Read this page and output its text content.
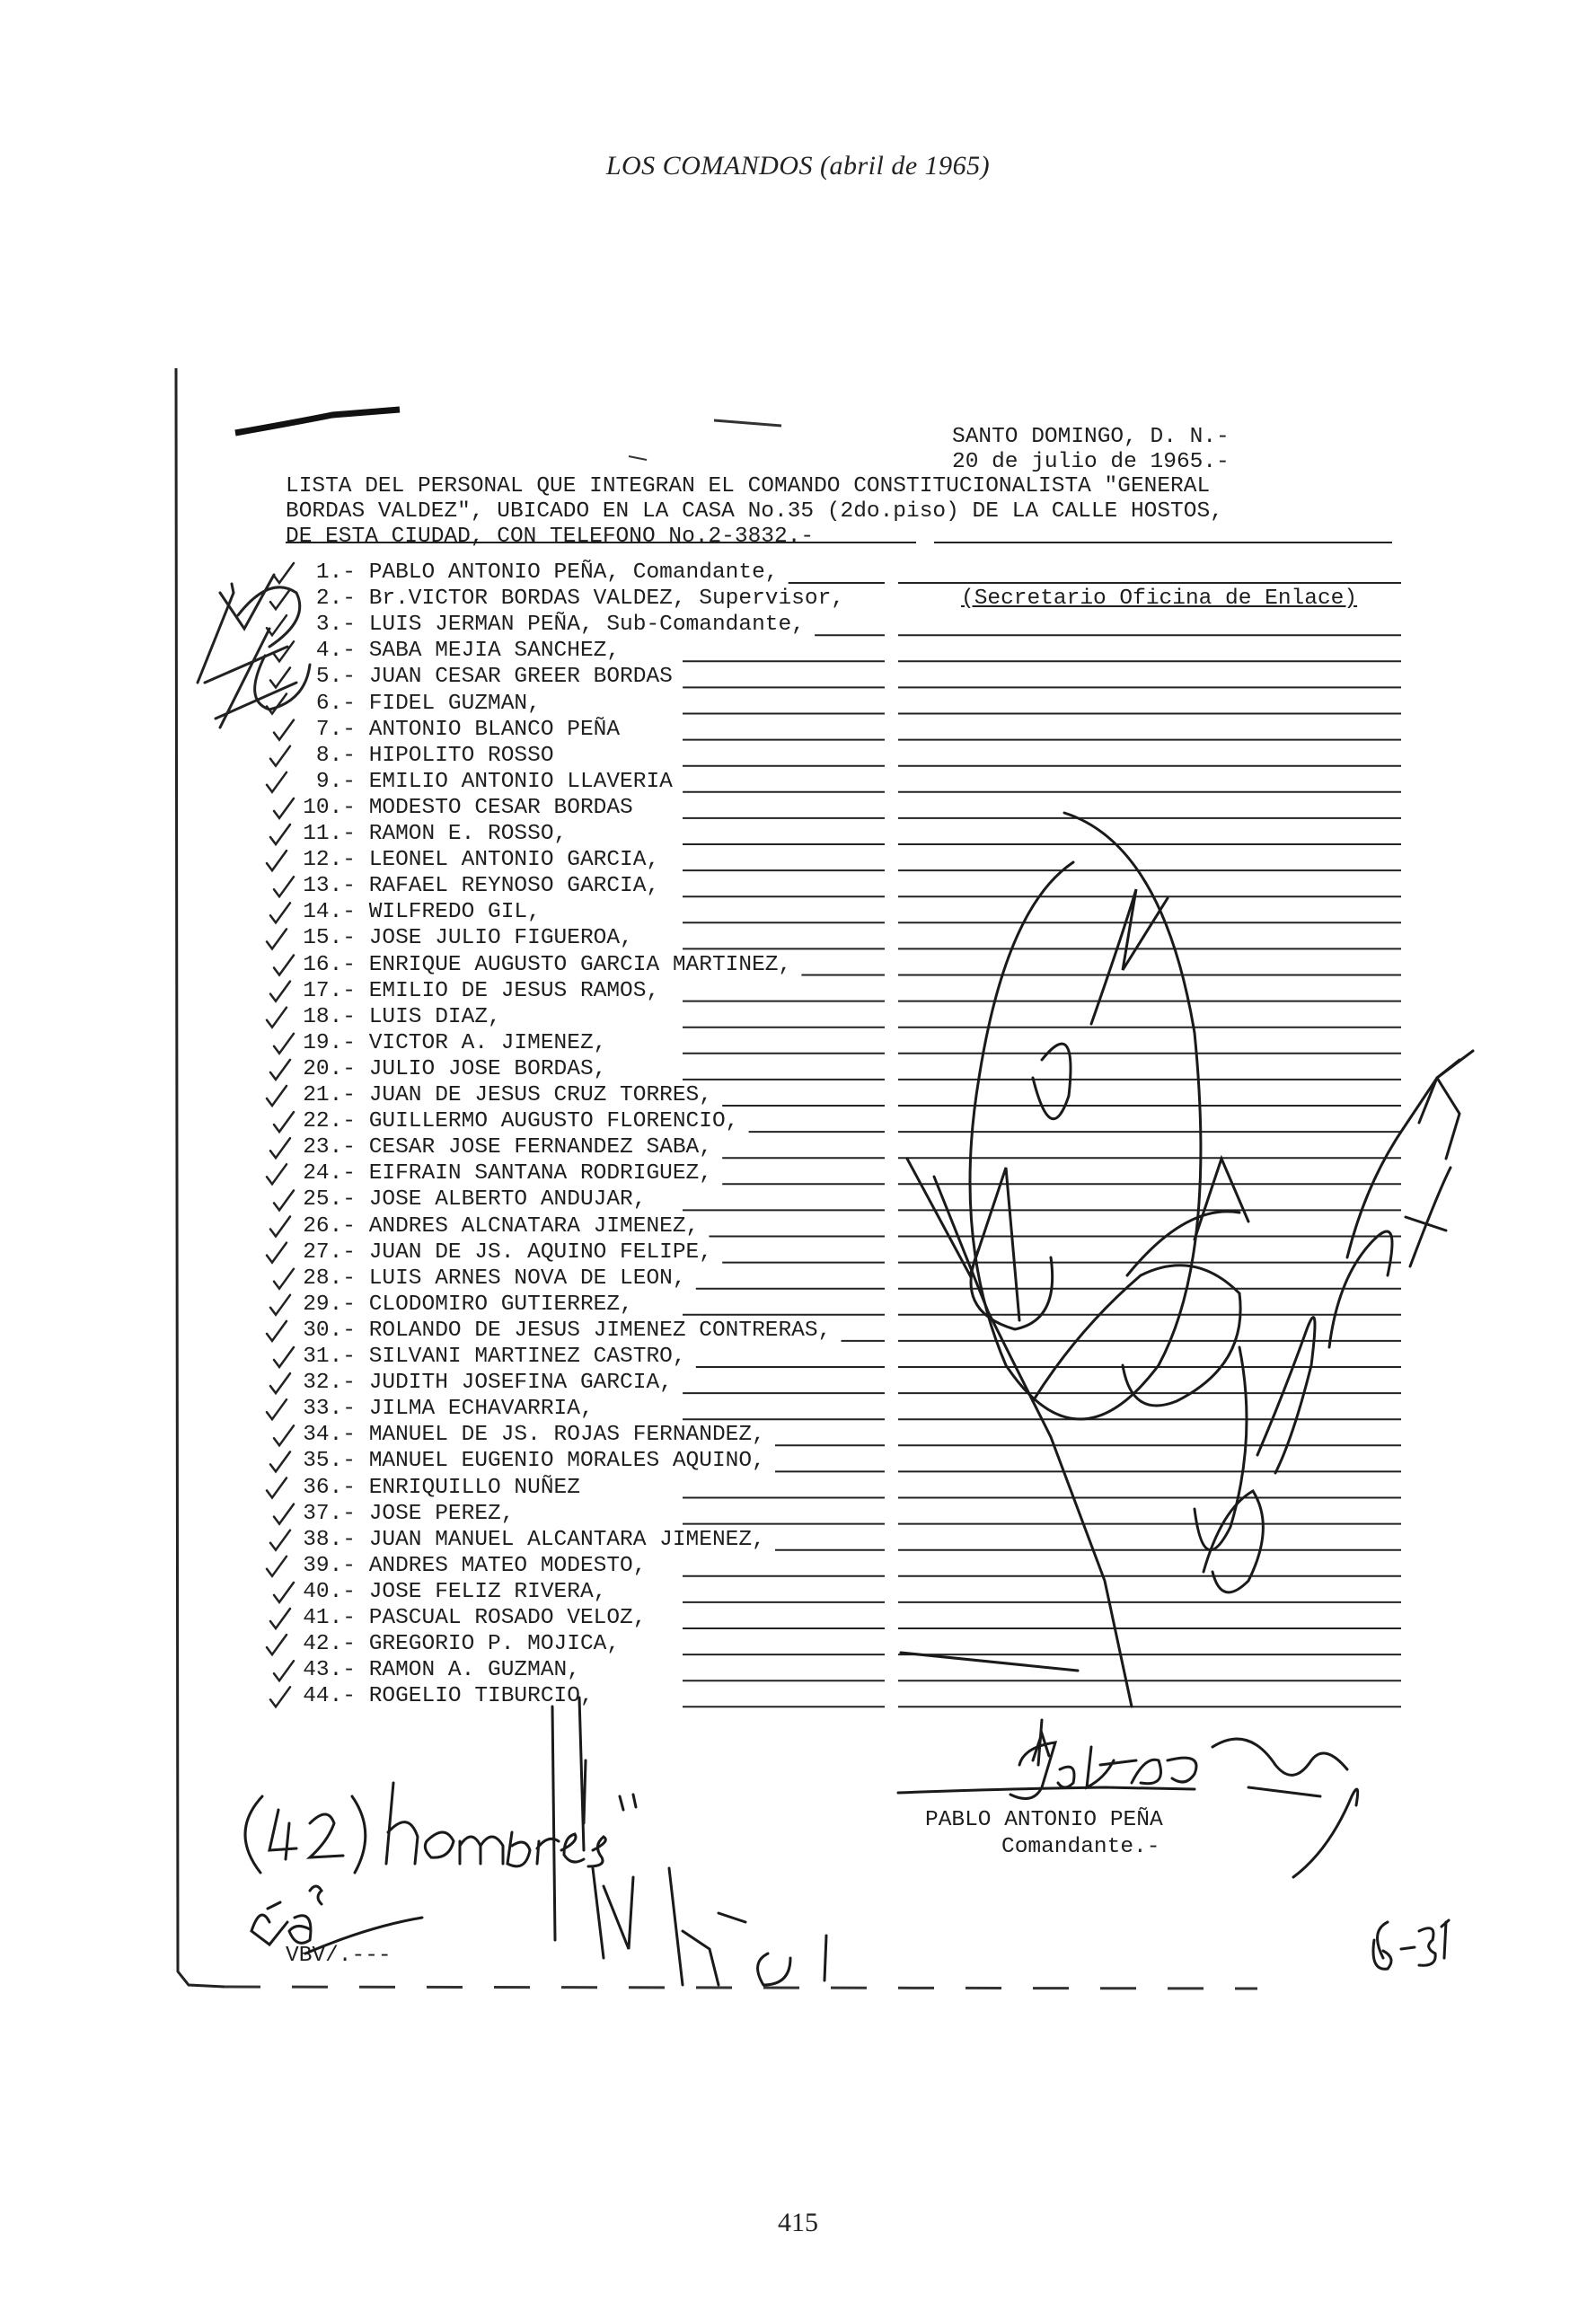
LOS COMANDOS (abril de 1965)
SANTO DOMINGO, D. N.-
20 de julio de 1965.-
LISTA DEL PERSONAL QUE INTEGRAN EL COMANDO CONSTITUCIONALISTA "GENERAL
BORDAS VALDEZ", UBICADO EN LA CASA No.35 (2do.piso) DE LA CALLE HOSTOS,
DE ESTA CIUDAD, CON TELEFONO No.2-3832.-
1.- PABLO ANTONIO PEÑA, Comandante,
2.- Br.VICTOR BORDAS VALDEZ, Supervisor,	(Secretario Oficina de Enlace)
3.- LUIS JERMAN PEÑA, Sub-Comandante,
4.- SABA MEJIA SANCHEZ,
5.- JUAN CESAR GREER BORDAS
6.- FIDEL GUZMAN,
7.- ANTONIO BLANCO PEÑA
8.- HIPOLITO ROSSO
9.- EMILIO ANTONIO LLAVERIA
10.- MODESTO CESAR BORDAS
11.- RAMON E. ROSSO,
12.- LEONEL ANTONIO GARCIA,
13.- RAFAEL REYNOSO GARCIA,
14.- WILFREDO GIL,
15.- JOSE JULIO FIGUEROA,
16.- ENRIQUE AUGUSTO GARCIA MARTINEZ,
17.- EMILIO DE JESUS RAMOS,
18.- LUIS DIAZ,
19.- VICTOR A. JIMENEZ,
20.- JULIO JOSE BORDAS,
21.- JUAN DE JESUS CRUZ TORRES,
22.- GUILLERMO AUGUSTO FLORENCIO,
23.- CESAR JOSE FERNANDEZ SABA,
24.- EIFRAIN SANTANA RODRIGUEZ,
25.- JOSE ALBERTO ANDUJAR,
26.- ANDRES ALCNATARA JIMENEZ,
27.- JUAN DE JS. AQUINO FELIPE,
28.- LUIS ARNES NOVA DE LEON,
29.- CLODOMIRO GUTIERREZ,
30.- ROLANDO DE JESUS JIMENEZ CONTRERAS,
31.- SILVANI MARTINEZ CASTRO,
32.- JUDITH JOSEFINA GARCIA,
33.- JILMA ECHAVARRIA,
34.- MANUEL DE JS. ROJAS FERNANDEZ,
35.- MANUEL EUGENIO MORALES AQUINO,
36.- ENRIQUILLO NUÑEZ
37.- JOSE PEREZ,
38.- JUAN MANUEL ALCANTARA JIMENEZ,
39.- ANDRES MATEO MODESTO,
40.- JOSE FELIZ RIVERA,
41.- PASCUAL ROSADO VELOZ,
42.- GREGORIO P. MOJICA,
43.- RAMON A. GUZMAN,
44.- ROGELIO TIBURCIO,
PABLO ANTONIO PEÑA
Comandante.-
VBV/.---
415
